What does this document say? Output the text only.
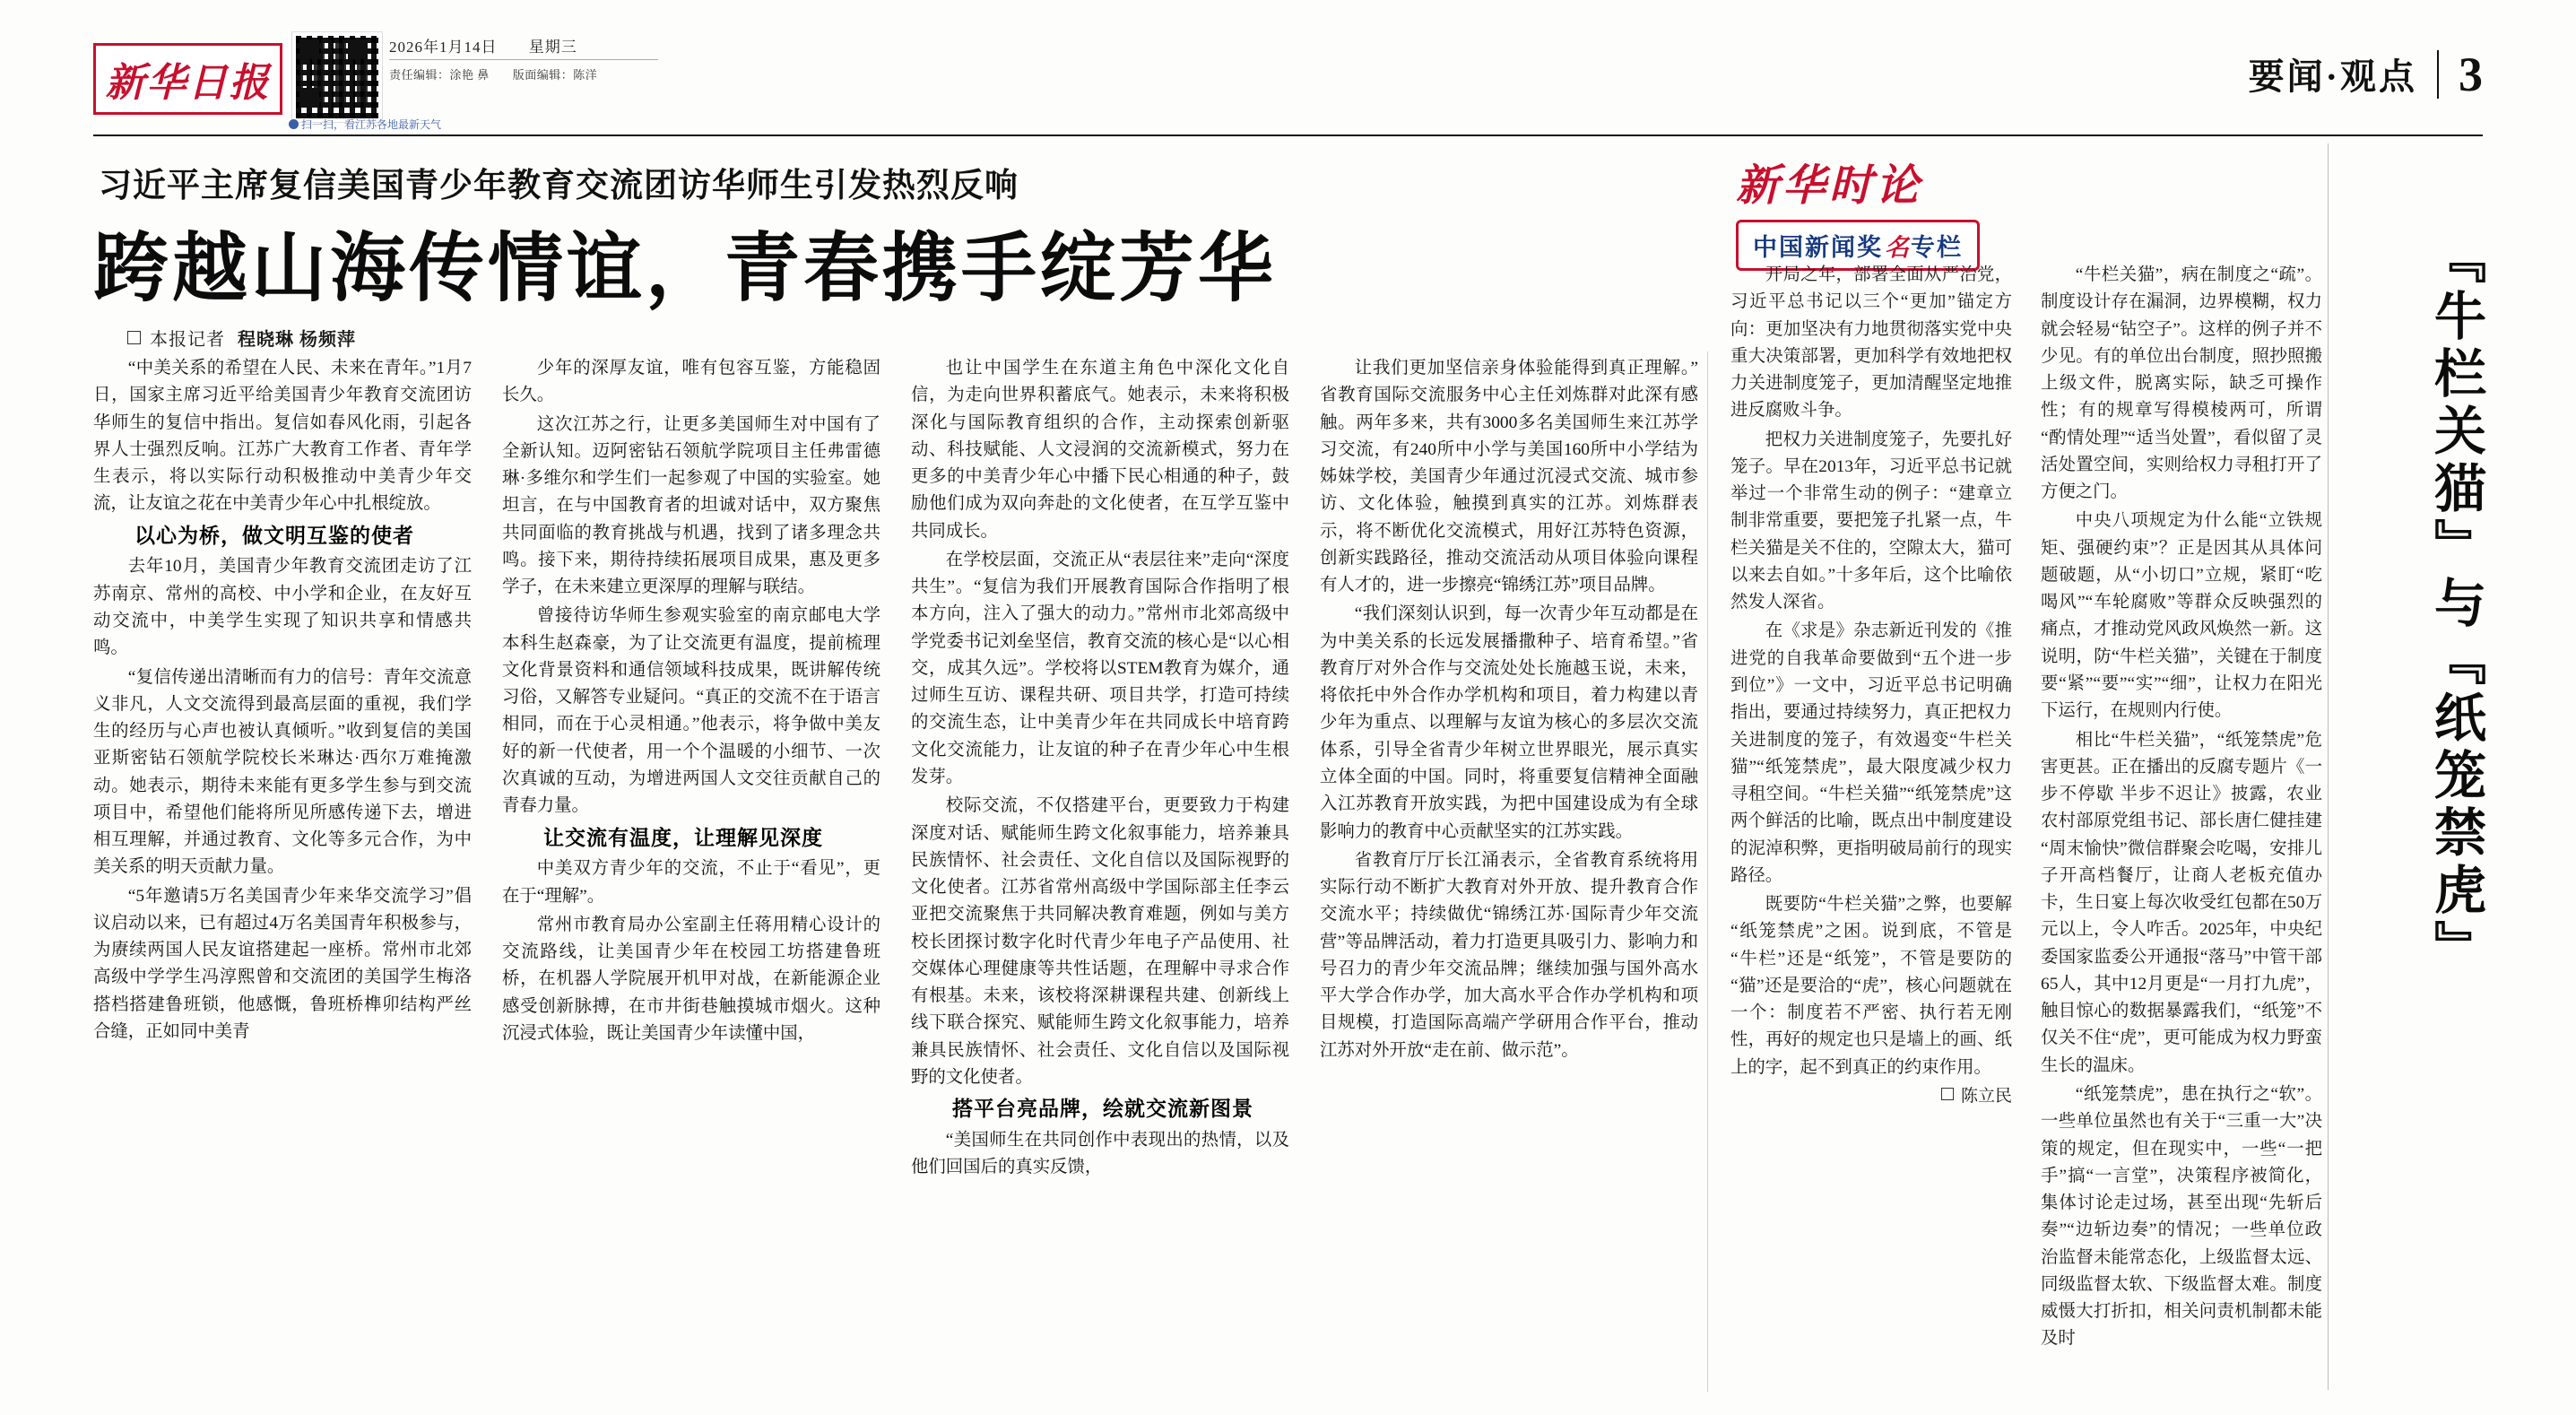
新华日报
扫一扫，看江苏各地最新天气
2026年1月14日 星期三
责任编辑：涂艳 鼻 版面编辑：陈洋	要闻·观点 3
习近平主席复信美国青少年教育交流团访华师生引发热烈反响
跨越山海传情谊，青春携手绽芳华
本报记者 程晓琳 杨频萍

“中美关系的希望在人民、未来在青年。”1月7日，国家主席习近平给美国青少年教育交流团访华师生的复信中指出。复信如春风化雨，引起各界人士强烈反响。江苏广大教育工作者、青年学生表示，将以实际行动积极推动中美青少年交流，让友谊之花在中美青少年心中扎根绽放。

以心为桥，做文明互鉴的使者

去年10月，美国青少年教育交流团走访了江苏南京、常州的高校、中小学和企业，在友好互动交流中，中美学生实现了知识共享和情感共鸣。

“复信传递出清晰而有力的信号：青年交流意义非凡，人文交流得到最高层面的重视，我们学生的经历与心声也被认真倾听。”收到复信的美国亚斯密钻石领航学院校长米琳达·西尔万难掩激动。她表示，期待未来能有更多学生参与到交流项目中，希望他们能将所见所感传递下去，增进相互理解，并通过教育、文化等多元合作，为中美关系的明天贡献力量。

“5年邀请5万名美国青少年来华交流学习”倡议启动以来，已有超过4万名美国青年积极参与，为赓续两国人民友谊搭建起一座桥。常州市北郊高级中学学生冯淳熙曾和交流团的美国学生梅洛搭档搭建鲁班锁，他感慨，鲁班桥榫卯结构严丝合缝，正如同中美青

少年的深厚友谊，唯有包容互鉴，方能稳固长久。

这次江苏之行，让更多美国师生对中国有了全新认知。迈阿密钻石领航学院项目主任弗雷德琳·多维尔和学生们一起参观了中国的实验室。她坦言，在与中国教育者的坦诚对话中，双方聚焦共同面临的教育挑战与机遇，找到了诸多理念共鸣。接下来，期待持续拓展项目成果，惠及更多学子，在未来建立更深厚的理解与联结。

曾接待访华师生参观实验室的南京邮电大学本科生赵森豪，为了让交流更有温度，提前梳理文化背景资料和通信领域科技成果，既讲解传统习俗，又解答专业疑问。“真正的交流不在于语言相同，而在于心灵相通。”他表示，将争做中美友好的新一代使者，用一个个温暖的小细节、一次次真诚的互动，为增进两国人文交往贡献自己的青春力量。

让交流有温度，让理解见深度

中美双方青少年的交流，不止于“看见”，更在于“理解”。

常州市教育局办公室副主任蒋用精心设计的交流路线，让美国青少年在校园工坊搭建鲁班桥，在机器人学院展开机甲对战，在新能源企业感受创新脉搏，在市井街巷触摸城市烟火。这种沉浸式体验，既让美国青少年读懂中国，

也让中国学生在东道主角色中深化文化自信，为走向世界积蓄底气。她表示，未来将积极深化与国际教育组织的合作，主动探索创新驱动、科技赋能、人文浸润的交流新模式，努力在更多的中美青少年心中播下民心相通的种子，鼓励他们成为双向奔赴的文化使者，在互学互鉴中共同成长。

在学校层面，交流正从“表层往来”走向“深度共生”。“复信为我们开展教育国际合作指明了根本方向，注入了强大的动力。”常州市北郊高级中学党委书记刘垒坚信，教育交流的核心是“以心相交，成其久远”。学校将以STEM教育为媒介，通过师生互访、课程共研、项目共学，打造可持续的交流生态，让中美青少年在共同成长中培育跨文化交流能力，让友谊的种子在青少年心中生根发芽。

校际交流，不仅搭建平台，更要致力于构建深度对话、赋能师生跨文化叙事能力，培养兼具民族情怀、社会责任、文化自信以及国际视野的文化使者。江苏省常州高级中学国际部主任李云亚把交流聚焦于共同解决教育难题，例如与美方校长团探讨数字化时代青少年电子产品使用、社交媒体心理健康等共性话题，在理解中寻求合作有根基。未来，该校将深耕课程共建、创新线上线下联合探究、赋能师生跨文化叙事能力，培养兼具民族情怀、社会责任、文化自信以及国际视野的文化使者。

搭平台亮品牌，绘就交流新图景

“美国师生在共同创作中表现出的热情，以及他们回国后的真实反馈，

让我们更加坚信亲身体验能得到真正理解。”省教育国际交流服务中心主任刘炼群对此深有感触。两年多来，共有3000多名美国师生来江苏学习交流，有240所中小学与美国160所中小学结为姊妹学校，美国青少年通过沉浸式交流、城市参访、文化体验，触摸到真实的江苏。刘炼群表示，将不断优化交流模式，用好江苏特色资源，创新实践路径，推动交流活动从项目体验向课程有人才的，进一步擦亮“锦绣江苏”项目品牌。

“我们深刻认识到，每一次青少年互动都是在为中美关系的长远发展播撒种子、培育希望。”省教育厅对外合作与交流处处长施越玉说，未来，将依托中外合作办学机构和项目，着力构建以青少年为重点、以理解与友谊为核心的多层次交流体系，引导全省青少年树立世界眼光，展示真实立体全面的中国。同时，将重要复信精神全面融入江苏教育开放实践，为把中国建设成为有全球影响力的教育中心贡献坚实的江苏实践。

省教育厅厅长江涌表示，全省教育系统将用实际行动不断扩大教育对外开放、提升教育合作交流水平；持续做优“锦绣江苏·国际青少年交流营”等品牌活动，着力打造更具吸引力、影响力和号召力的青少年交流品牌；继续加强与国外高水平大学合作办学，加大高水平合作办学机构和项目规模，打造国际高端产学研用合作平台，推动江苏对外开放“走在前、做示范”。

新华时论
中国新闻奖名专栏

开局之年，部署全面从严治党，习近平总书记以三个“更加”锚定方向：更加坚决有力地贯彻落实党中央重大决策部署，更加科学有效地把权力关进制度笼子，更加清醒坚定地推进反腐败斗争。

把权力关进制度笼子，先要扎好笼子。早在2013年，习近平总书记就举过一个非常生动的例子：“建章立制非常重要，要把笼子扎紧一点，牛栏关猫是关不住的，空隙太大，猫可以来去自如。”十多年后，这个比喻依然发人深省。

在《求是》杂志新近刊发的《推进党的自我革命要做到“五个进一步到位”》一文中，习近平总书记明确指出，要通过持续努力，真正把权力关进制度的笼子，有效遏变“牛栏关猫”“纸笼禁虎”，最大限度减少权力寻租空间。“牛栏关猫”“纸笼禁虎”这两个鲜活的比喻，既点出中制度建设的泥淖积弊，更指明破局前行的现实路径。

既要防“牛栏关猫”之弊，也要解“纸笼禁虎”之困。说到底，不管是“牛栏”还是“纸笼”，不管是要防的“猫”还是要洽的“虎”，核心问题就在一个：制度若不严密、执行若无刚性，再好的规定也只是墙上的画、纸上的字，起不到真正的约束作用。

陈立民

“牛栏关猫”，病在制度之“疏”。制度设计存在漏洞，边界模糊，权力就会轻易“钻空子”。这样的例子并不少见。有的单位出台制度，照抄照搬上级文件，脱离实际，缺乏可操作性；有的规章写得模棱两可，所谓“酌情处理”“适当处置”，看似留了灵活处置空间，实则给权力寻租打开了方便之门。

中央八项规定为什么能“立铁规矩、强硬约束”？正是因其从具体问题破题，从“小切口”立规，紧盯“吃喝风”“车轮腐败”等群众反映强烈的痛点，才推动党风政风焕然一新。这说明，防“牛栏关猫”，关键在于制度要“紧”“要”“实”“细”，让权力在阳光下运行，在规则内行使。

相比“牛栏关猫”，“纸笼禁虎”危害更甚。正在播出的反腐专题片《一步不停歇 半步不迟让》披露，农业农村部原党组书记、部长唐仁健挂建“周末愉快”微信群聚会吃喝，安排儿子开高档餐厅，让商人老板充值办卡，生日宴上每次收受红包都在50万元以上，令人咋舌。2025年，中央纪委国家监委公开通报“落马”中管干部65人，其中12月更是“一月打九虎”，触目惊心的数据暴露我们，“纸笼”不仅关不住“虎”，更可能成为权力野蛮生长的温床。

“纸笼禁虎”，患在执行之“软”。一些单位虽然也有关于“三重一大”决策的规定，但在现实中，一些“一把手”搞“一言堂”，决策程序被简化，集体讨论走过场，甚至出现“先斩后奏”“边斩边奏”的情况；一些单位政治监督未能常态化，上级监督太远、同级监督太软、下级监督太难。制度威慑大打折扣，相关问责机制都未能及时

『牛栏关猫』与『纸笼禁虎』
